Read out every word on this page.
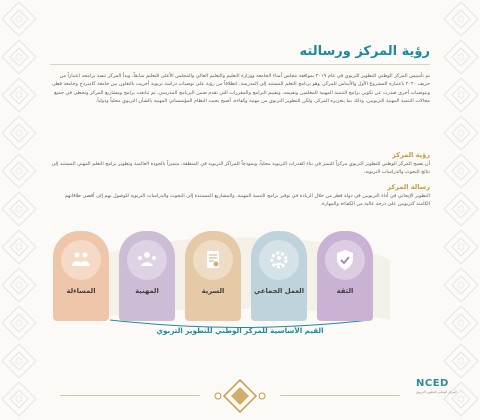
رؤية المركز ورسالته

تم تأسيس المركز الوطني للتطوير التربوي في عام ٢٠١٩ بموافقة مجلس أمناء الجامعة ووزارة التعليم والتعليم العالي والمجلس الأعلى للتعليم سابقاً، وبدأ المركز تنفيذ برامجه اعتباراً من خريف ٢٠٢٠ باعتباره المشروع الأول والأساس للمركز، وهو برنامج التعلم المستند إلى المدرسة، انطلاقاً من رؤية على توصيات دراسة تربوية أجريت بالتعاون بين جامعة كامبردج وجامعة قطر، وبتوصيات أخرى صدرت عن تكوين برامج التنمية المهنية للمعلمين وتقييمه، وتقييم البرامج والمقررات التي تقدم ضمن البرنامج المدرسي، ثم تتابعت برامج ومشاريع المركز وتخطى في جميع مجالات التنمية المهنية التربويين، وذلك بما يتعزيزه المركز، ولكن للتطوير التربوي من مهنية وكفاءة، أصبح بحيث النظام المؤسساتي المهنية بالشأن التربوي محلياً ودولياً.

رؤية المركز

أن يصبح المركز الوطني للتطوير التربوي مركزاً للتميز في بناء القدرات التربوية محلياً، ونموذجاً للمراكز التربوية في المنطقة، متميزاً بالجودة العالمية وتطوير برامج التعلم المهني المستند إلى نتائج البحوث والدراسات التربوية.

رسالة المركز

التطوير الإيجابي في أداء التربويين في دولة قطر من خلال الريادة في توفير برامج التنمية المهنية، والمشاريع المستندة إلى البحوث والدراسات التربوية للوصول بهم إلى أقصى طاقاتهم الكامنة كتربويين على درجة عالية من الكفاءة والمهارة.

الثقة
العمل الجماعي
السرية
المهنية
المساءلة
القيم الأساسية للمركز الوطني للتطوير التربوي
NCED
المركز الوطني للتطوير التربوي
